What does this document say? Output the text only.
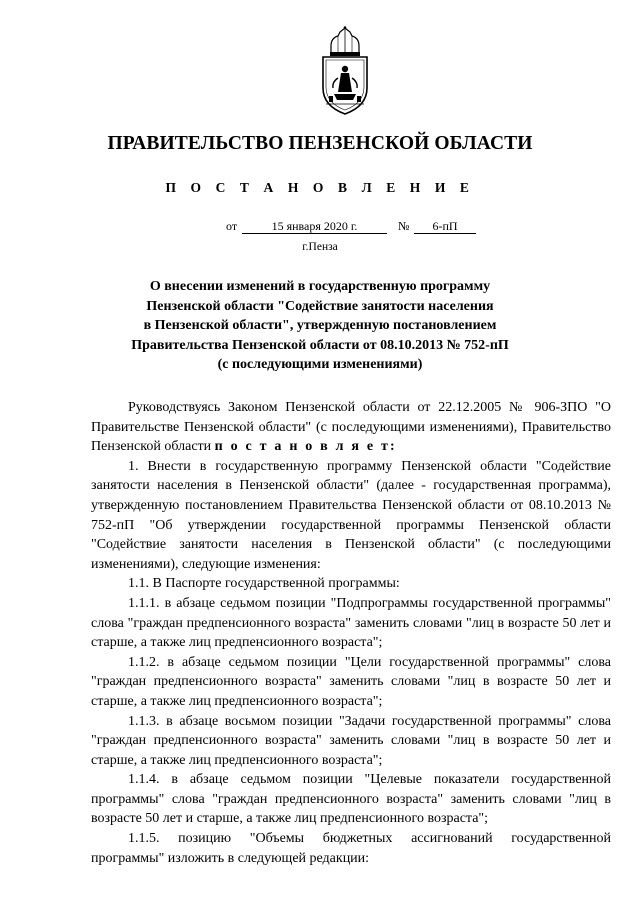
ПРАВИТЕЛЬСТВО ПЕНЗЕНСКОЙ ОБЛАСТИ
П О С Т А Н О В Л Е Н И Е
от	15 января 2020 г.	№	6-пП
г.Пенза
О внесении изменений в государственную программу
Пензенской области "Содействие занятости населения
в Пензенской области", утвержденную постановлением
Правительства Пензенской области от 08.10.2013 № 752-пП
(с последующими изменениями)

Руководствуясь Законом Пензенской области от 22.12.2005 № 906-ЗПО "О Правительстве Пензенской области" (с последующими изменениями), Правительство Пензенской области п о с т а н о в л я е т:

1. Внести в государственную программу Пензенской области "Содействие занятости населения в Пензенской области" (далее - государственная программа), утвержденную постановлением Правительства Пензенской области от 08.10.2013 № 752-пП "Об утверждении государственной программы Пензенской области "Содействие занятости населения в Пензенской области" (с последующими изменениями), следующие изменения:

1.1. В Паспорте государственной программы:

1.1.1. в абзаце седьмом позиции "Подпрограммы государственной программы" слова "граждан предпенсионного возраста" заменить словами "лиц в возрасте 50 лет и старше, а также лиц предпенсионного возраста";

1.1.2. в абзаце седьмом позиции "Цели государственной программы" слова "граждан предпенсионного возраста" заменить словами "лиц в возрасте 50 лет и старше, а также лиц предпенсионного возраста";

1.1.3. в абзаце восьмом позиции "Задачи государственной программы" слова "граждан предпенсионного возраста" заменить словами "лиц в возрасте 50 лет и старше, а также лиц предпенсионного возраста";

1.1.4. в абзаце седьмом позиции "Целевые показатели государственной программы" слова "граждан предпенсионного возраста" заменить словами "лиц в возрасте 50 лет и старше, а также лиц предпенсионного возраста";

1.1.5. позицию "Объемы бюджетных ассигнований государственной программы" изложить в следующей редакции:
